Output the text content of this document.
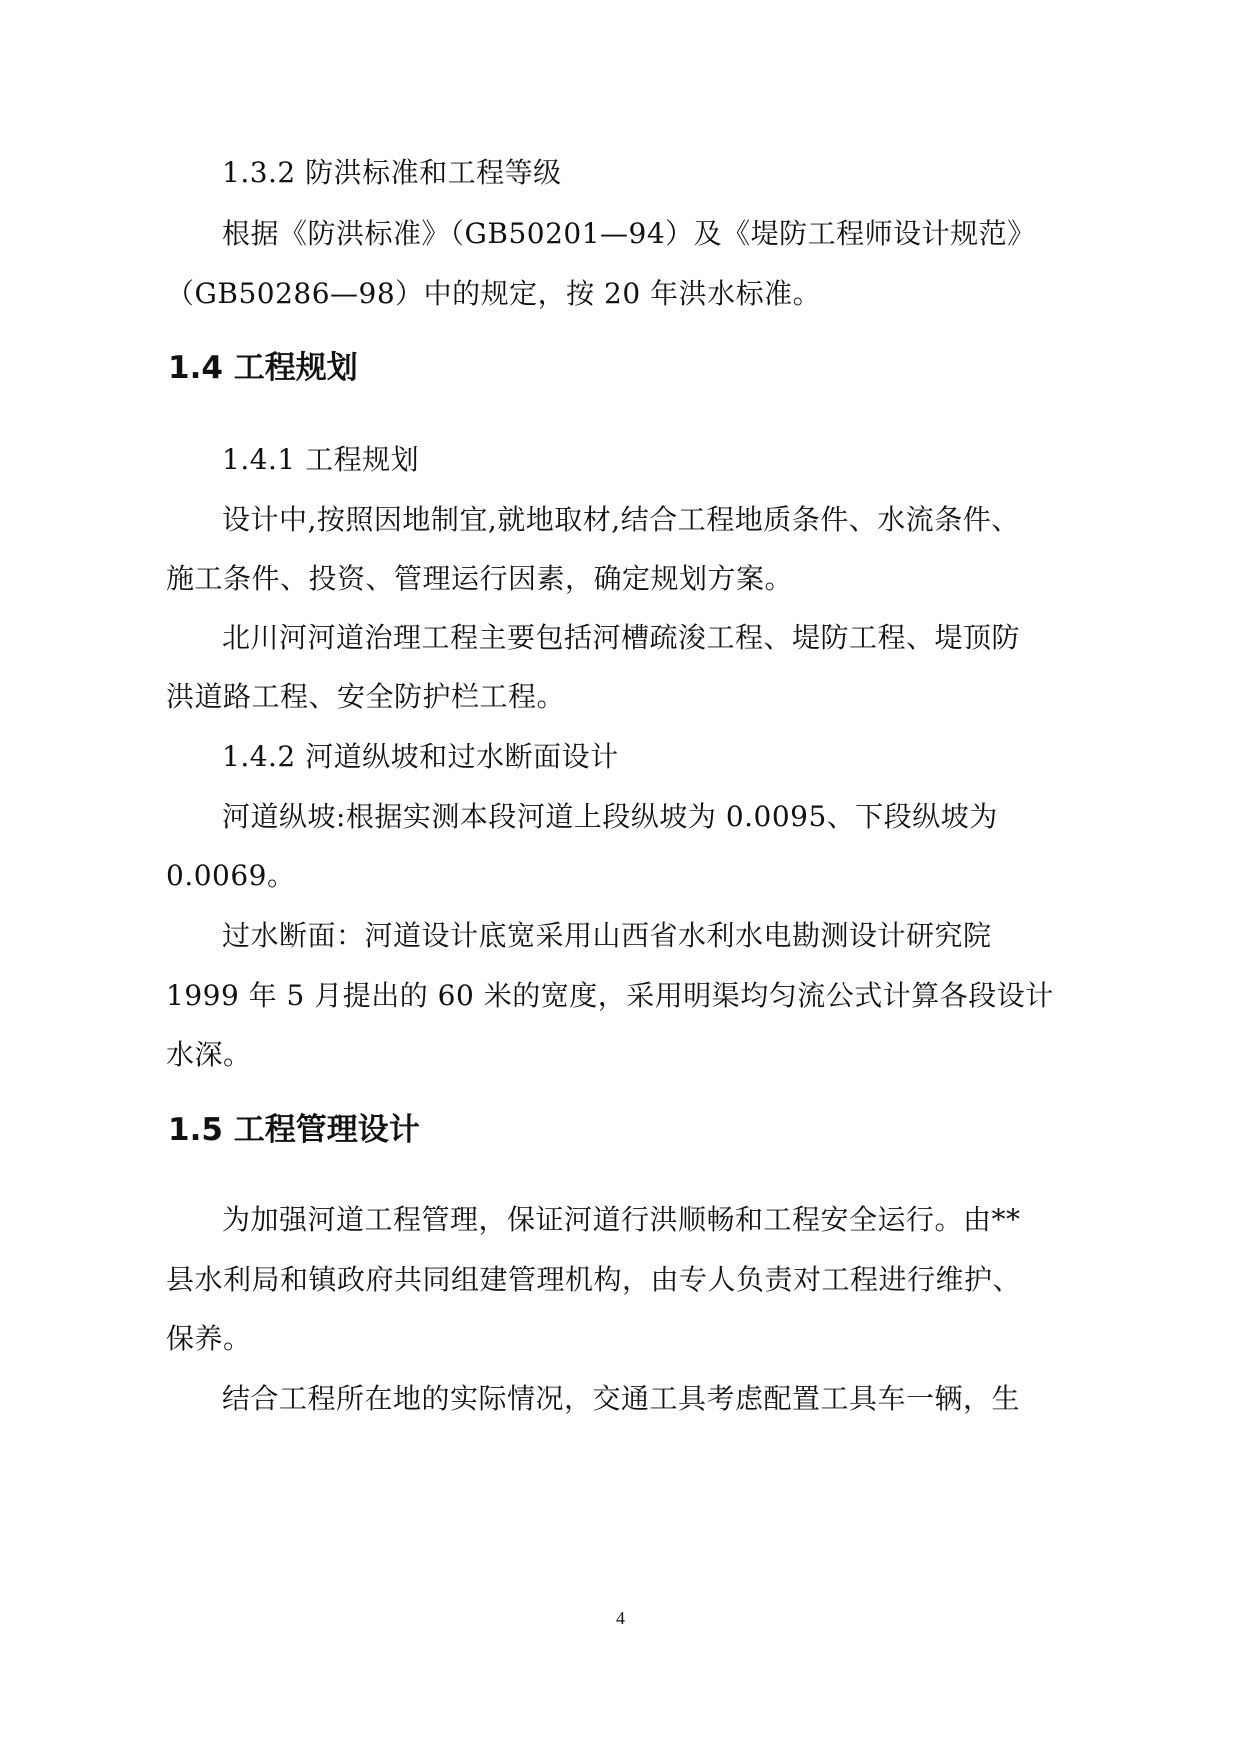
1.3.2 防洪标准和工程等级
根据《防洪标准》（GB50201—94）及《堤防工程师设计规范》
（GB50286—98）中的规定，按 20 年洪水标准。
1.4 工程规划
1.4.1 工程规划
设计中,按照因地制宜,就地取材,结合工程地质条件、水流条件、
施工条件、投资、管理运行因素，确定规划方案。
北川河河道治理工程主要包括河槽疏浚工程、堤防工程、堤顶防
洪道路工程、安全防护栏工程。
1.4.2 河道纵坡和过水断面设计
河道纵坡:根据实测本段河道上段纵坡为 0.0095、下段纵坡为
0.0069。
过水断面：河道设计底宽采用山西省水利水电勘测设计研究院
1999 年 5 月提出的 60 米的宽度，采用明渠均匀流公式计算各段设计
水深。
1.5 工程管理设计
为加强河道工程管理，保证河道行洪顺畅和工程安全运行。由**
县水利局和镇政府共同组建管理机构，由专人负责对工程进行维护、
保养。
结合工程所在地的实际情况，交通工具考虑配置工具车一辆，生
4
